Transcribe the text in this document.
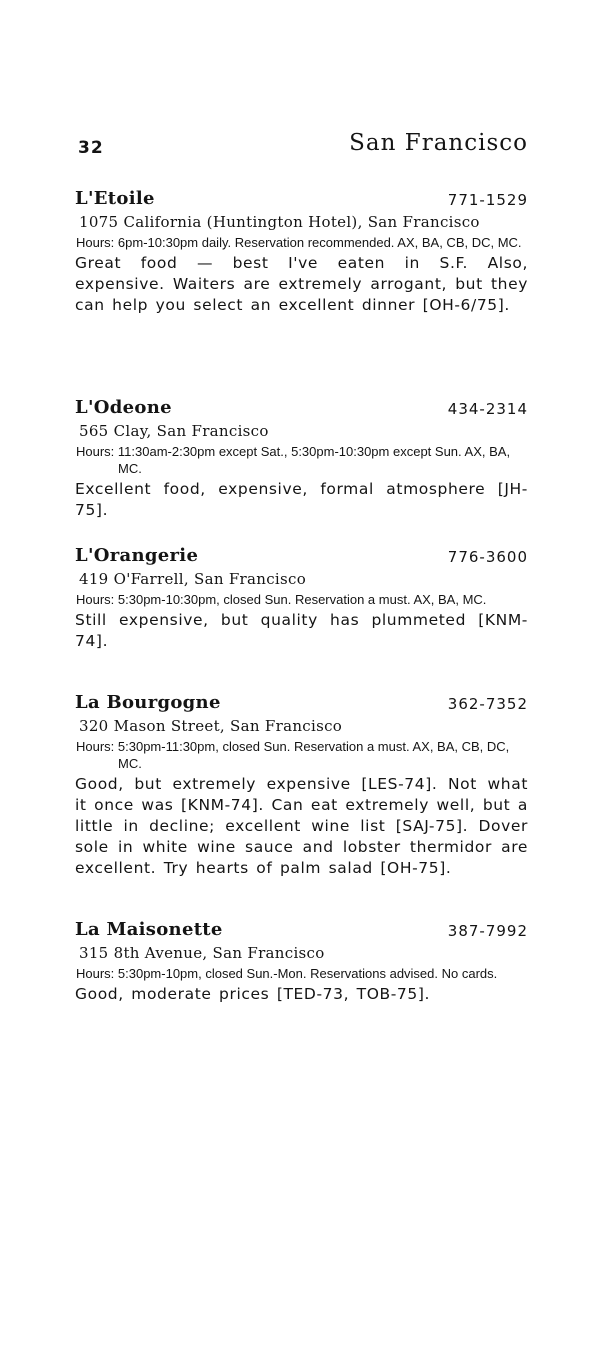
32	San Francisco
L'Etoile	771-1529
1075 California (Huntington Hotel), San Francisco
Hours: 6pm-10:30pm daily. Reservation recommended. AX, BA, CB, DC, MC.
Great food — best I've eaten in S.F. Also, expensive. Waiters are extremely arrogant, but they can help you select an excellent dinner [OH-6/75].
L'Odeone	434-2314
565 Clay, San Francisco
Hours: 11:30am-2:30pm except Sat., 5:30pm-10:30pm except Sun. AX, BA, MC.
Excellent food, expensive, formal atmosphere [JH-75].
L'Orangerie	776-3600
419 O'Farrell, San Francisco
Hours: 5:30pm-10:30pm, closed Sun. Reservation a must. AX, BA, MC.
Still expensive, but quality has plummeted [KNM-74].
La Bourgogne	362-7352
320 Mason Street, San Francisco
Hours: 5:30pm-11:30pm, closed Sun. Reservation a must. AX, BA, CB, DC, MC.
Good, but extremely expensive [LES-74]. Not what it once was [KNM-74]. Can eat extremely well, but a little in decline; excellent wine list [SAJ-75]. Dover sole in white wine sauce and lobster thermidor are excellent. Try hearts of palm salad [OH-75].
La Maisonette	387-7992
315 8th Avenue, San Francisco
Hours: 5:30pm-10pm, closed Sun.-Mon. Reservations advised. No cards.
Good, moderate prices [TED-73, TOB-75].
